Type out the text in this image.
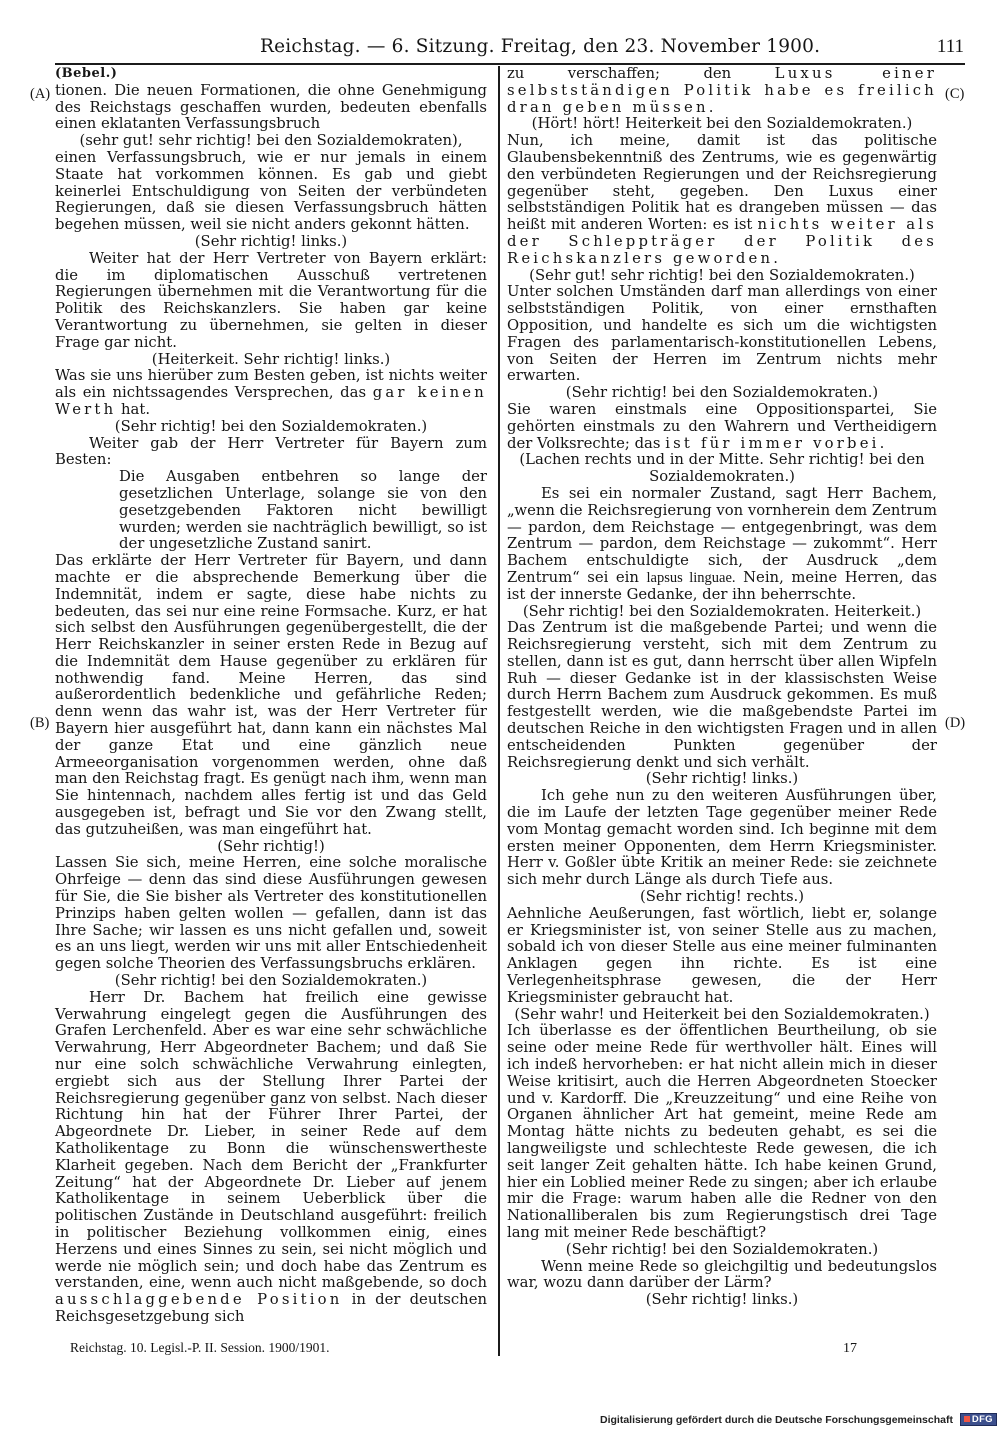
Reichstag. — 6. Sitzung. Freitag, den 23. November 1900.	111
(A)
(B)
(C)
(D)

(Bebel.)

tionen. Die neuen Formationen, die ohne Genehmigung des Reichstags geschaffen wurden, bedeuten ebenfalls einen eklatanten Verfassungsbruch

(sehr gut! sehr richtig! bei den Sozialdemokraten),

einen Verfassungsbruch, wie er nur jemals in einem Staate hat vorkommen können. Es gab und giebt keinerlei Entschuldigung von Seiten der verbündeten Regierungen, daß sie diesen Verfassungsbruch hätten begehen müssen, weil sie nicht anders gekonnt hätten.

(Sehr richtig! links.)

Weiter hat der Herr Vertreter von Bayern erklärt: die im diplomatischen Ausschuß vertretenen Regierungen übernehmen mit die Verantwortung für die Politik des Reichskanzlers. Sie haben gar keine Verantwortung zu übernehmen, sie gelten in dieser Frage gar nicht.

(Heiterkeit. Sehr richtig! links.)

Was sie uns hierüber zum Besten geben, ist nichts weiter als ein nichtssagendes Versprechen, das gar keinen Werth hat.

(Sehr richtig! bei den Sozialdemokraten.)

Weiter gab der Herr Vertreter für Bayern zum Besten:

Die Ausgaben entbehren so lange der gesetzlichen Unterlage, solange sie von den gesetzgebenden Faktoren nicht bewilligt wurden; werden sie nachträglich bewilligt, so ist der ungesetzliche Zustand sanirt.

Das erklärte der Herr Vertreter für Bayern, und dann machte er die absprechende Bemerkung über die Indemnität, indem er sagte, diese habe nichts zu bedeuten, das sei nur eine reine Formsache. Kurz, er hat sich selbst den Ausführungen gegenübergestellt, die der Herr Reichskanzler in seiner ersten Rede in Bezug auf die Indemnität dem Hause gegenüber zu erklären für nothwendig fand. Meine Herren, das sind außerordentlich bedenkliche und gefährliche Reden; denn wenn das wahr ist, was der Herr Vertreter für Bayern hier ausgeführt hat, dann kann ein nächstes Mal der ganze Etat und eine gänzlich neue Armeeorganisation vorgenommen werden, ohne daß man den Reichstag fragt. Es genügt nach ihm, wenn man Sie hintennach, nachdem alles fertig ist und das Geld ausgegeben ist, befragt und Sie vor den Zwang stellt, das gutzuheißen, was man eingeführt hat.

(Sehr richtig!)

Lassen Sie sich, meine Herren, eine solche moralische Ohrfeige — denn das sind diese Ausführungen gewesen für Sie, die Sie bisher als Vertreter des konstitutionellen Prinzips haben gelten wollen — gefallen, dann ist das Ihre Sache; wir lassen es uns nicht gefallen und, soweit es an uns liegt, werden wir uns mit aller Entschiedenheit gegen solche Theorien des Verfassungsbruchs erklären.

(Sehr richtig! bei den Sozialdemokraten.)

Herr Dr. Bachem hat freilich eine gewisse Verwahrung eingelegt gegen die Ausführungen des Grafen Lerchenfeld. Aber es war eine sehr schwächliche Verwahrung, Herr Abgeordneter Bachem; und daß Sie nur eine solch schwächliche Verwahrung einlegten, ergiebt sich aus der Stellung Ihrer Partei der Reichsregierung gegenüber ganz von selbst. Nach dieser Richtung hin hat der Führer Ihrer Partei, der Abgeordnete Dr. Lieber, in seiner Rede auf dem Katholikentage zu Bonn die wünschenswertheste Klarheit gegeben. Nach dem Bericht der „Frankfurter Zeitung“ hat der Abgeordnete Dr. Lieber auf jenem Katholikentage in seinem Ueberblick über die politischen Zustände in Deutschland ausgeführt: freilich in politischer Beziehung vollkommen einig, eines Herzens und eines Sinnes zu sein, sei nicht möglich und werde nie möglich sein; und doch habe das Zentrum es verstanden, eine, wenn auch nicht maßgebende, so doch ausschlaggebende Position in der deutschen Reichsgesetzgebung sich

zu verschaffen; den	Luxus einer selbstständigen Politik habe es freilich dran geben müssen.

(Hört! hört! Heiterkeit bei den Sozialdemokraten.)

Nun, ich meine, damit ist das politische Glaubensbekenntniß des Zentrums, wie es gegenwärtig den verbündeten Regierungen und der Reichsregierung gegenüber steht, gegeben. Den Luxus einer selbstständigen Politik hat es drangeben müssen — das heißt mit anderen Worten: es ist nichts weiter als der Schleppträger der Politik des Reichskanzlers geworden.

(Sehr gut! sehr richtig! bei den Sozialdemokraten.)

Unter solchen Umständen darf man allerdings von einer selbstständigen Politik, von einer ernsthaften Opposition, und handelte es sich um die wichtigsten Fragen des parlamentarisch-konstitutionellen Lebens, von Seiten der Herren im Zentrum nichts mehr erwarten.

(Sehr richtig! bei den Sozialdemokraten.)

Sie waren einstmals eine Oppositionspartei, Sie gehörten einstmals zu den Wahrern und Vertheidigern der Volksrechte; das ist für immer vorbei.

(Lachen rechts und in der Mitte. Sehr richtig! bei den Sozialdemokraten.)

Es sei ein normaler Zustand, sagt Herr Bachem, „wenn die Reichsregierung von vornherein dem Zentrum — pardon, dem Reichstage — entgegenbringt, was dem Zentrum — pardon, dem Reichstage — zukommt“. Herr Bachem entschuldigte sich, der Ausdruck „dem Zentrum“ sei ein lapsus linguae. Nein, meine Herren, das ist der innerste Gedanke, der ihn beherrschte.

(Sehr richtig! bei den Sozialdemokraten. Heiterkeit.)

Das Zentrum ist die maßgebende Partei; und wenn die Reichsregierung versteht, sich mit dem Zentrum zu stellen, dann ist es gut, dann herrscht über allen Wipfeln Ruh — dieser Gedanke ist in der klassischsten Weise durch Herrn Bachem zum Ausdruck gekommen. Es muß festgestellt werden, wie die maßgebendste Partei im deutschen Reiche in den wichtigsten Fragen und in allen entscheidenden Punkten gegenüber der Reichsregierung denkt und sich verhält.

(Sehr richtig! links.)

Ich gehe nun zu den weiteren Ausführungen über, die im Laufe der letzten Tage gegenüber meiner Rede vom Montag gemacht worden sind. Ich beginne mit dem ersten meiner Opponenten, dem Herrn Kriegsminister. Herr v. Goßler übte Kritik an meiner Rede: sie zeichnete sich mehr durch Länge als durch Tiefe aus.

(Sehr richtig! rechts.)

Aehnliche Aeußerungen, fast wörtlich, liebt er, solange er Kriegsminister ist, von seiner Stelle aus zu machen, sobald ich von dieser Stelle aus eine meiner fulminanten Anklagen gegen ihn richte. Es ist eine Verlegenheitsphrase gewesen, die der Herr Kriegsminister gebraucht hat.

(Sehr wahr! und Heiterkeit bei den Sozialdemokraten.)

Ich überlasse es der öffentlichen Beurtheilung, ob sie seine oder meine Rede für werthvoller hält. Eines will ich indeß hervorheben: er hat nicht allein mich in dieser Weise kritisirt, auch die Herren Abgeordneten Stoecker und v. Kardorff. Die „Kreuzzeitung“ und eine Reihe von Organen ähnlicher Art hat gemeint, meine Rede am Montag hätte nichts zu bedeuten gehabt, es sei die langweiligste und schlechteste Rede gewesen, die ich seit langer Zeit gehalten hätte. Ich habe keinen Grund, hier ein Loblied meiner Rede zu singen; aber ich erlaube mir die Frage: warum haben alle die Redner von den Nationalliberalen bis zum Regierungstisch drei Tage lang mit meiner Rede beschäftigt?

(Sehr richtig! bei den Sozialdemokraten.)

Wenn meine Rede so gleichgiltig und bedeutungslos war, wozu dann darüber der Lärm?

(Sehr richtig! links.)

Reichstag. 10. Legisl.-P. II. Session. 1900/1901.	17
Digitalisierung gefördert durch die Deutsche Forschungsgemeinschaft DFG
